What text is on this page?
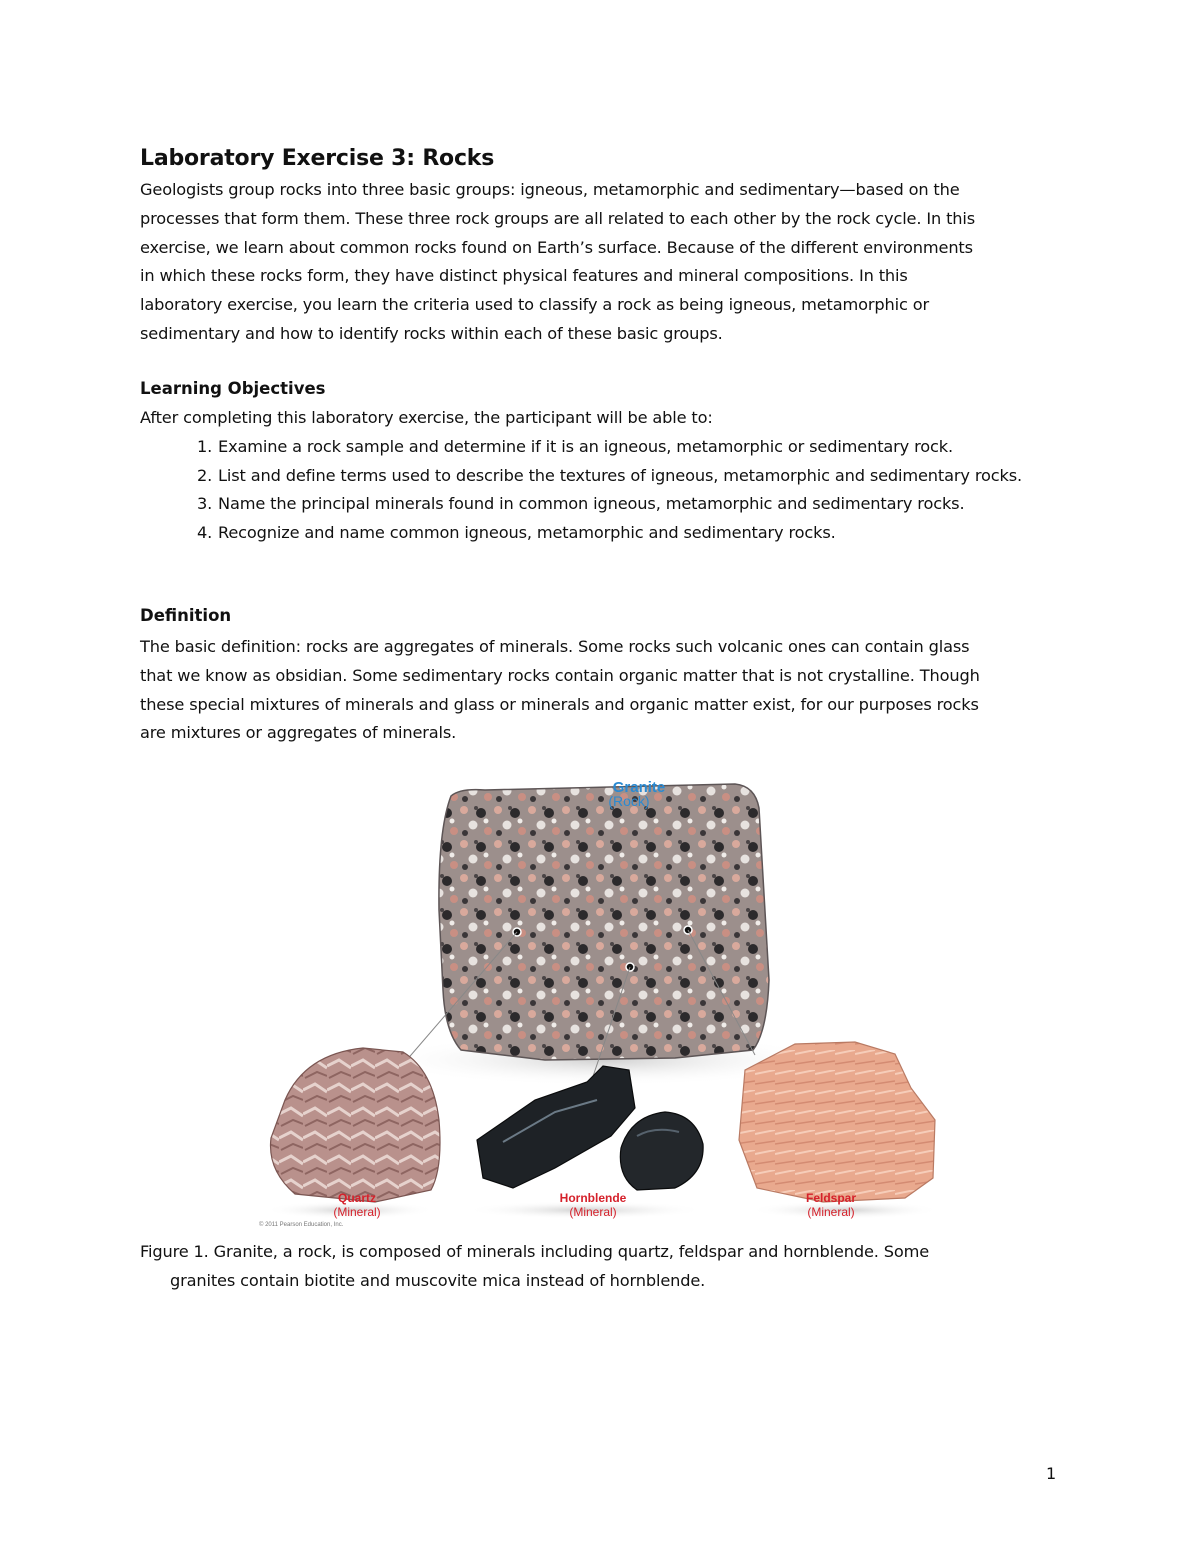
Laboratory Exercise 3: Rocks

Geologists group rocks into three basic groups: igneous, metamorphic and sedimentary—based on the
processes that form them. These three rock groups are all related to each other by the rock cycle. In this
exercise, we learn about common rocks found on Earth’s surface. Because of the different environments
in which these rocks form, they have distinct physical features and mineral compositions. In this
laboratory exercise, you learn the criteria used to classify a rock as being igneous, metamorphic or
sedimentary and how to identify rocks within each of these basic groups.

Learning Objectives
After completing this laboratory exercise, the participant will be able to:
1. Examine a rock sample and determine if it is an igneous, metamorphic or sedimentary rock.
2. List and define terms used to describe the textures of igneous, metamorphic and sedimentary rocks.
3. Name the principal minerals found in common igneous, metamorphic and sedimentary rocks.
4. Recognize and name common igneous, metamorphic and sedimentary rocks.
Definition

The basic definition: rocks are aggregates of minerals. Some rocks such volcanic ones can contain glass
that we know as obsidian. Some sedimentary rocks contain organic matter that is not crystalline. Though
these special mixtures of minerals and glass or minerals and organic matter exist, for our purposes rocks
are mixtures or aggregates of minerals.

Granite
(Rock)
Quartz
(Mineral)
Hornblende
(Mineral)
Feldspar
(Mineral)
© 2011 Pearson Education, Inc.

Figure 1. Granite, a rock, is composed of minerals including quartz, feldspar and hornblende. Some
granites contain biotite and muscovite mica instead of hornblende.

1
